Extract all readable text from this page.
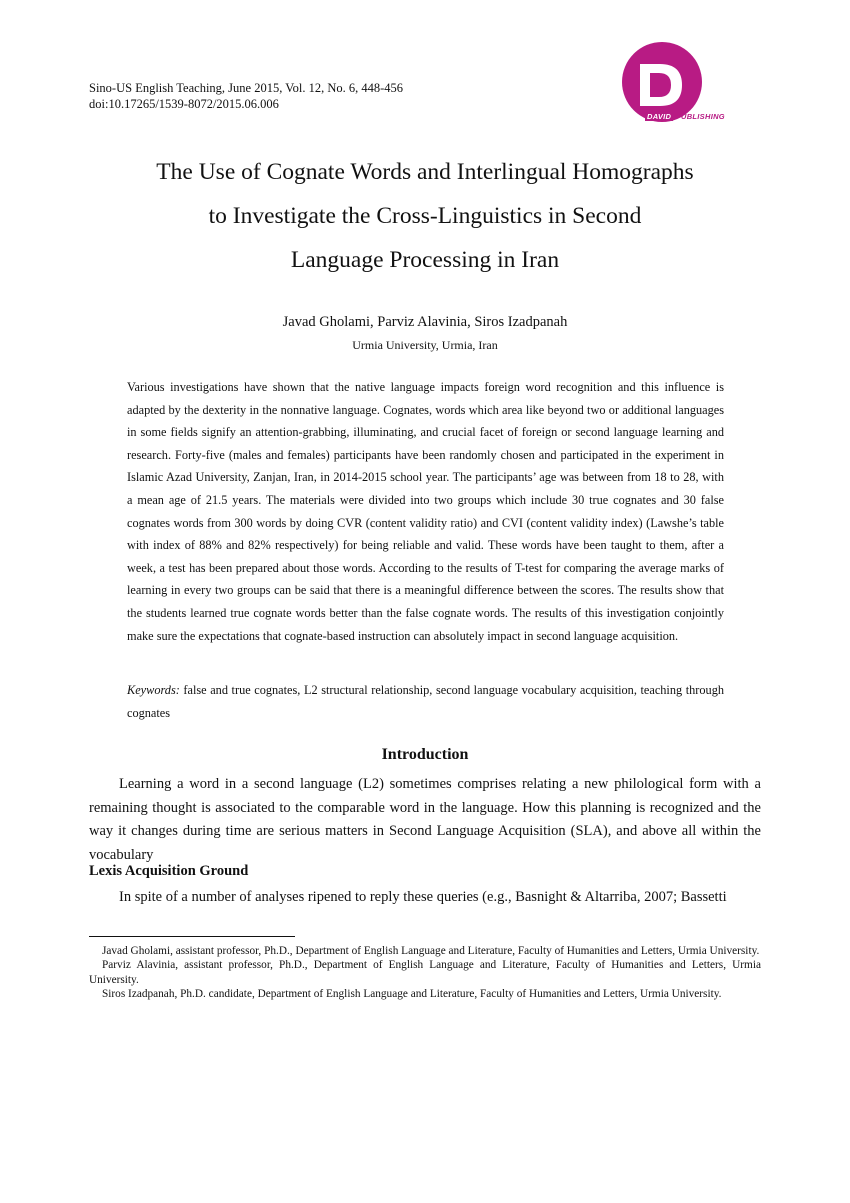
Sino-US English Teaching, June 2015, Vol. 12, No. 6, 448-456
doi:10.17265/1539-8072/2015.06.006
DAVID PUBLISHING
The Use of Cognate Words and Interlingual Homographs
to Investigate the Cross-Linguistics in Second
Language Processing in Iran
Javad Gholami, Parviz Alavinia, Siros Izadpanah
Urmia University, Urmia, Iran
Various investigations have shown that the native language impacts foreign word recognition and this influence is adapted by the dexterity in the nonnative language. Cognates, words which area like beyond two or additional languages in some fields signify an attention-grabbing, illuminating, and crucial facet of foreign or second language learning and research. Forty-five (males and females) participants have been randomly chosen and participated in the experiment in Islamic Azad University, Zanjan, Iran, in 2014-2015 school year. The participants’ age was between from 18 to 28, with a mean age of 21.5 years. The materials were divided into two groups which include 30 true cognates and 30 false cognates words from 300 words by doing CVR (content validity ratio) and CVI (content validity index) (Lawshe’s table with index of 88% and 82% respectively) for being reliable and valid. These words have been taught to them, after a week, a test has been prepared about those words. According to the results of T-test for comparing the average marks of learning in every two groups can be said that there is a meaningful difference between the scores. The results show that the students learned true cognate words better than the false cognate words. The results of this investigation conjointly make sure the expectations that cognate-based instruction can absolutely impact in second language acquisition.
Keywords: false and true cognates, L2 structural relationship, second language vocabulary acquisition, teaching through cognates
Introduction
Learning a word in a second language (L2) sometimes comprises relating a new philological form with a remaining thought is associated to the comparable word in the language. How this planning is recognized and the way it changes during time are serious matters in Second Language Acquisition (SLA), and above all within the vocabulary
Lexis Acquisition Ground
In spite of a number of analyses ripened to reply these queries (e.g., Basnight & Altarriba, 2007; Bassetti
Javad Gholami, assistant professor, Ph.D., Department of English Language and Literature, Faculty of Humanities and Letters, Urmia University.
Parviz Alavinia, assistant professor, Ph.D., Department of English Language and Literature, Faculty of Humanities and Letters, Urmia University.
Siros Izadpanah, Ph.D. candidate, Department of English Language and Literature, Faculty of Humanities and Letters, Urmia University.
